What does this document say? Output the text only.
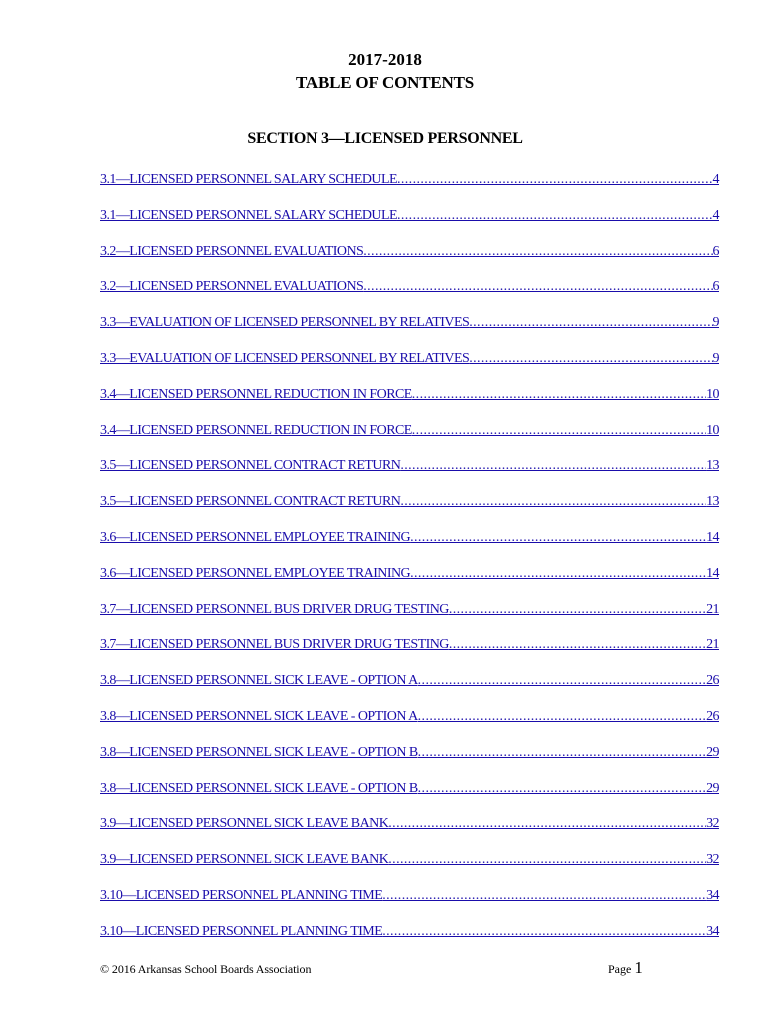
2017-2018
TABLE OF CONTENTS
SECTION 3—LICENSED PERSONNEL
3.1—LICENSED PERSONNEL SALARY SCHEDULE .....	4
3.1—LICENSED PERSONNEL SALARY SCHEDULE .....	4
3.2—LICENSED PERSONNEL EVALUATIONS .....	6
3.2—LICENSED PERSONNEL EVALUATIONS .....	6
3.3—EVALUATION OF LICENSED PERSONNEL BY RELATIVES .....	9
3.3—EVALUATION OF LICENSED PERSONNEL BY RELATIVES .....	9
3.4—LICENSED PERSONNEL REDUCTION IN FORCE .....	10
3.4—LICENSED PERSONNEL REDUCTION IN FORCE .....	10
3.5—LICENSED PERSONNEL CONTRACT RETURN .....	13
3.5—LICENSED PERSONNEL CONTRACT RETURN .....	13
3.6—LICENSED PERSONNEL EMPLOYEE TRAINING .....	14
3.6—LICENSED PERSONNEL EMPLOYEE TRAINING .....	14
3.7—LICENSED PERSONNEL BUS DRIVER DRUG TESTING .....	21
3.7—LICENSED PERSONNEL BUS DRIVER DRUG TESTING .....	21
3.8—LICENSED PERSONNEL SICK LEAVE - OPTION A .....	26
3.8—LICENSED PERSONNEL SICK LEAVE - OPTION A .....	26
3.8—LICENSED PERSONNEL SICK LEAVE - OPTION B .....	29
3.8—LICENSED PERSONNEL SICK LEAVE - OPTION B .....	29
3.9—LICENSED PERSONNEL SICK LEAVE BANK .....	32
3.9—LICENSED PERSONNEL SICK LEAVE BANK .....	32
3.10—LICENSED PERSONNEL PLANNING TIME .....	34
3.10—LICENSED PERSONNEL PLANNING TIME .....	34
© 2016 Arkansas School Boards Association	Page 1
